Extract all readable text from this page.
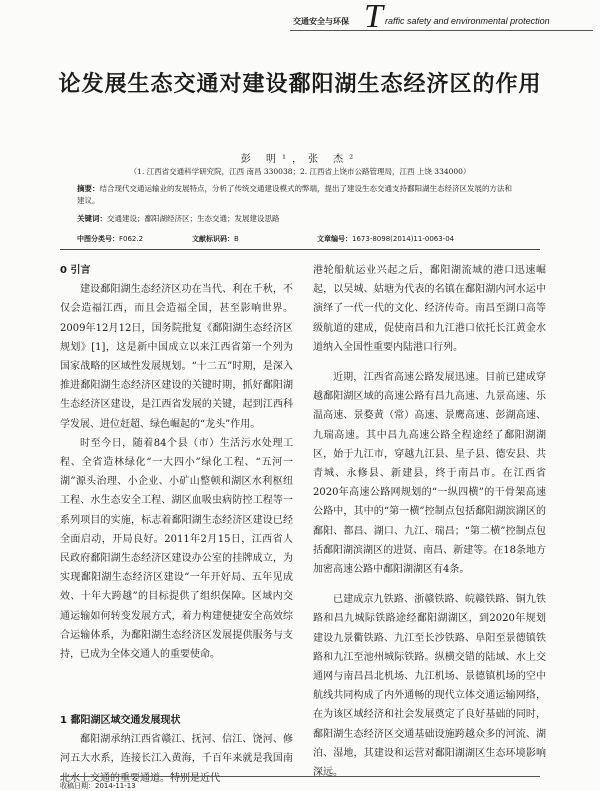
交通安全与环保 T raffic safety and environmental protection
论发展生态交通对建设鄱阳湖生态经济区的作用
彭 明¹，张 杰²
（1. 江西省交通科学研究院，江西 南昌 330038；2. 江西省上饶市公路管理局，江西 上饶 334000）
摘要：结合现代交通运输业的发展特点，分析了传统交通建设模式的弊端，提出了建设生态交通支持鄱阳湖生态经济区发展的方法和建议。
关键词：交通建设；鄱阳湖经济区；生态交通；发展建设思路
中图分类号：F062.2	文献标识码：B	文章编号：1673-8098(2014)11-0063-04
0 引言

建设鄱阳湖生态经济区功在当代、利在千秋，不仅会造福江西，而且会造福全国，甚至影响世界。2009年12月12日，国务院批复《鄱阳湖生态经济区规划》[1]，这是新中国成立以来江西省第一个列为国家战略的区域性发展规划。“十二五”时期，是深入推进鄱阳湖生态经济区建设的关键时期，抓好鄱阳湖生态经济区建设，是江西省发展的关键，起到江西科学发展、进位赶超、绿色崛起的“龙头”作用。

时至今日，随着84个县（市）生活污水处理工程、全省造林绿化“一大四小”绿化工程、“五河一湖”源头治理、小企业、小矿山整顿和湖区水利枢纽工程、水生态安全工程、湖区血吸虫病防控工程等一系列项目的实施，标志着鄱阳湖生态经济区建设已经全面启动，开局良好。2011年2月15日，江西省人民政府鄱阳湖生态经济区建设办公室的挂牌成立，为实现鄱阳湖生态经济区建设“一年开好局、五年见成效、十年大跨越”的目标提供了组织保障。区域内交通运输如何转变发展方式，着力构建便捷安全高效综合运输体系，为鄱阳湖生态经济区发展提供服务与支持，已成为全体交通人的重要使命。

1 鄱阳湖区域交通发展现状

鄱阳湖承纳江西省赣江、抚河、信江、饶河、修河五大水系，连接长江入黄海，千百年来就是我国南北水上交通的重要通道。特别是近代

港轮船航运业兴起之后，鄱阳湖流域的港口迅速崛起，以吴城、姑塘为代表的名镇在鄱阳湖内河水运中演绎了一代一代的文化、经济传奇。南昌至湖口高等级航道的建成，促使南昌和九江港口依托长江黄金水道纳入全国性重要内陆港口行列。

近期，江西省高速公路发展迅速。目前已建成穿越鄱阳湖区域的高速公路有昌九高速、九景高速、乐温高速、景婺黄（常）高速、景鹰高速、彭湖高速、九瑞高速。其中昌九高速公路全程途经了鄱阳湖湖区，始于九江市，穿越九江县、星子县、德安县、共青城、永修县、新建县，终于南昌市。在江西省2020年高速公路网规划的“一纵四横”的干骨架高速公路中，其中的“第一横”控制点包括鄱阳湖滨湖区的鄱阳、都昌、湖口、九江、瑞昌；“第二横”控制点包括鄱阳湖滨湖区的进贤、南昌、新建等。在18条地方加密高速公路中鄱阳湖湖区有4条。

已建成京九铁路、浙赣铁路、皖赣铁路、铜九铁路和昌九城际铁路途经鄱阳湖湖区，到2020年规划建设九景衢铁路、九江至长沙铁路、阜阳至景德镇铁路和九江至池州城际铁路。纵横交错的陆域、水上交通网与南昌昌北机场、九江机场、景德镇机场的空中航线共同构成了内外通畅的现代立体交通运输网络，在为该区域经济和社会发展奠定了良好基础的同时，鄱阳湖生态经济区交通基础设施跨越众多的河流、湖泊、湿地，其建设和运营对鄱阳湖湖区生态环境影响深远。

收稿日期：2014-11-13
